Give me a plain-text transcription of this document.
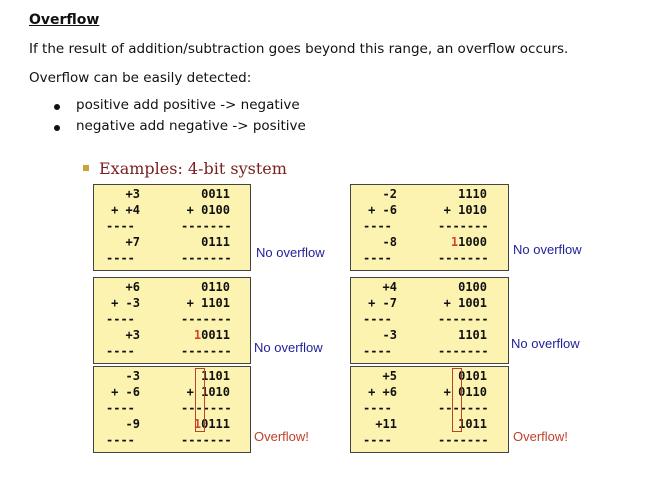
Overflow
If the result of addition/subtraction goes beyond this range, an overflow occurs.
Overflow can be easily detected:
positive add positive -> negative
negative add negative -> positive
Examples: 4-bit system
+3
+ +4
----
+7
----
0011
+ 0100
-------
0111
------- No overflow
-2
+ -6
----
-8
----
1110
+ 1010
-------
11000
-------
No overflow
+6
+ -3
----
+3
----
0110
+ 1101
-------
10011
------- No overflow
+4
+ -7
----
-3
----
0100
+ 1001
-------
1101
------- No overflow
-3
+ -6
----
-9
----
1101
+ 1010
-------
10111
------- Overflow!
+5
+ +6
----
+11
----
0101
+ 0110
-------
1011
------- Overflow!
